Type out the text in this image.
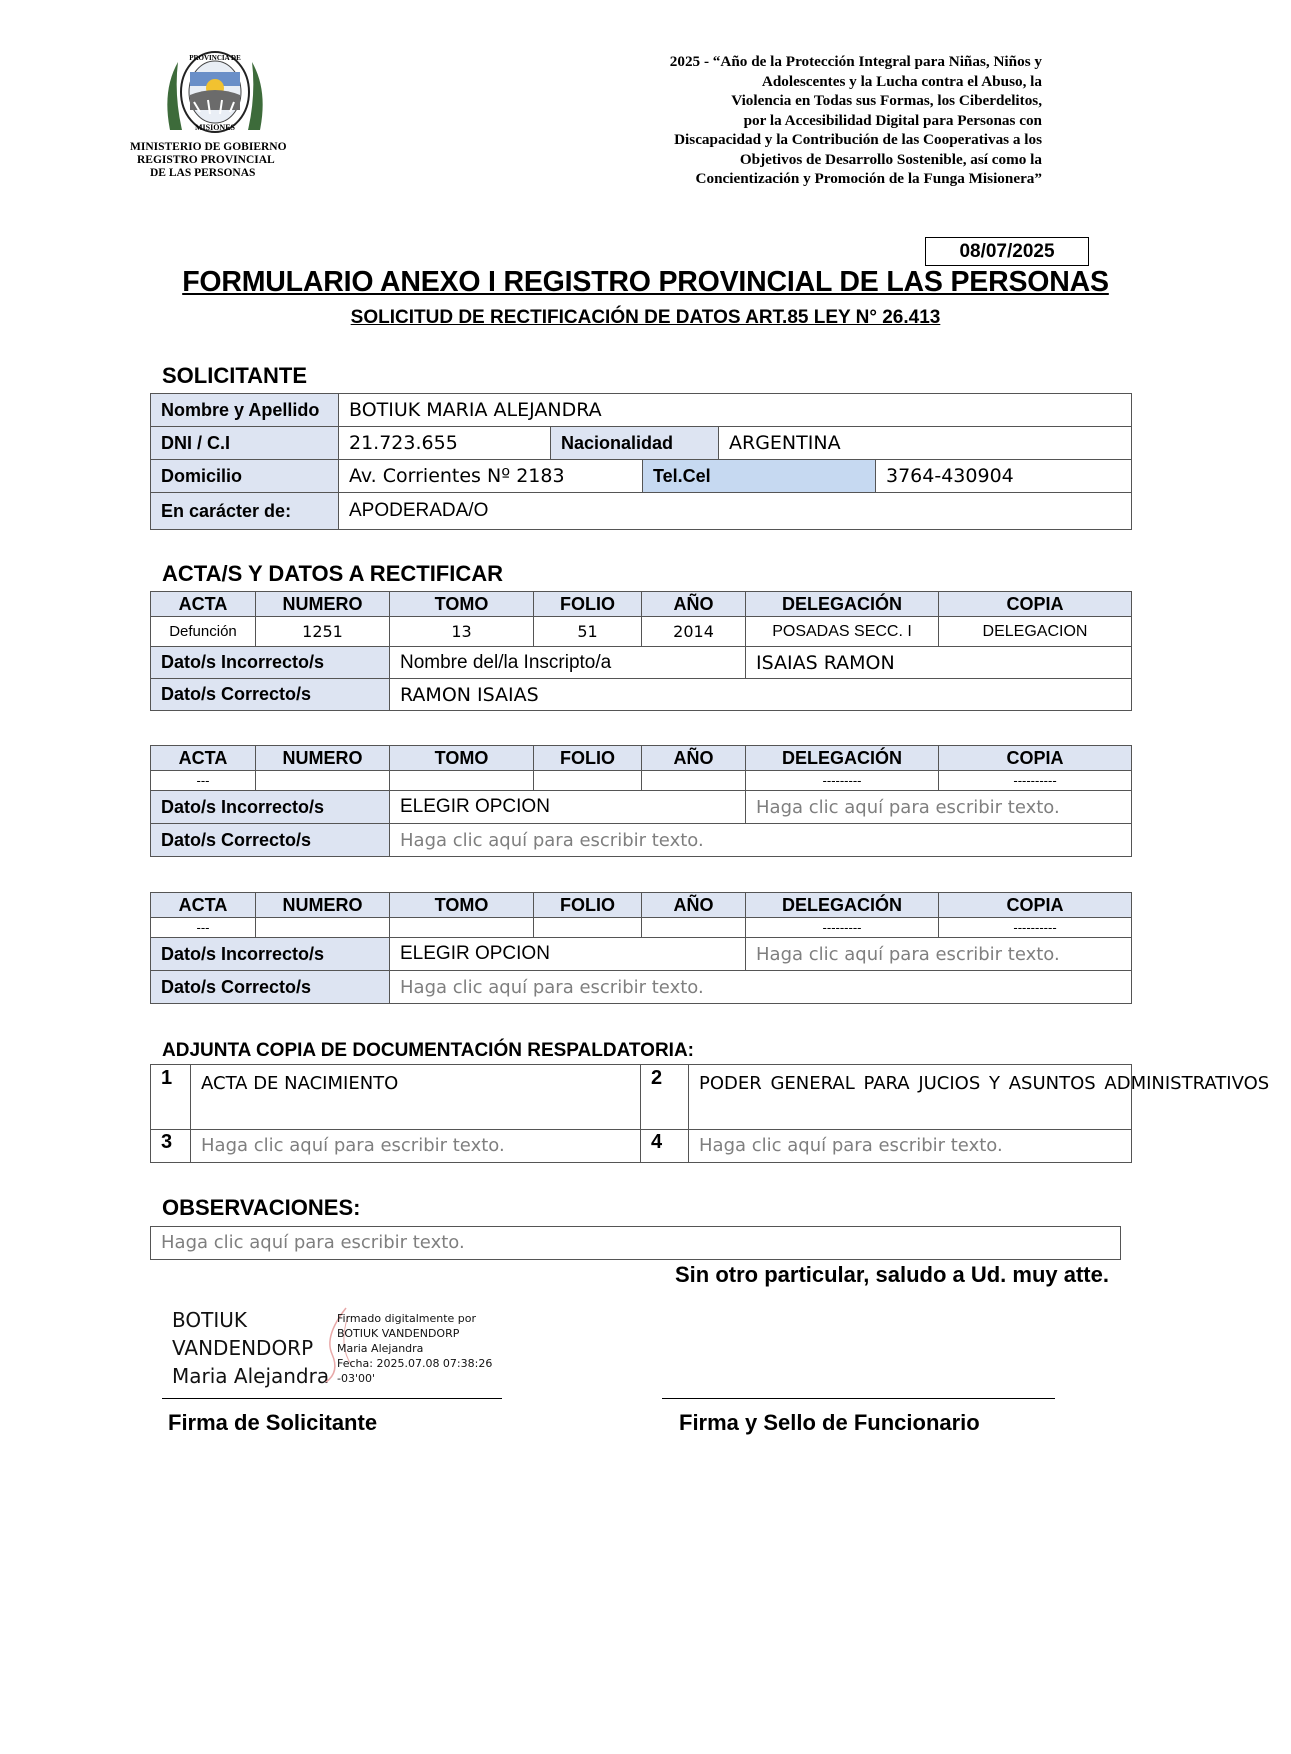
PROVINCIA DE
MISIONES
MINISTERIO DE GOBIERNO
REGISTRO PROVINCIAL
DE LAS PERSONAS
2025 - “Año de la Protección Integral para Niñas, Niños y
Adolescentes y la Lucha contra el Abuso, la
Violencia en Todas sus Formas, los Ciberdelitos,
por la Accesibilidad Digital para Personas con
Discapacidad y la Contribución de las Cooperativas a los
Objetivos de Desarrollo Sostenible, así como la
Concientización y Promoción de la Funga Misionera”
08/07/2025
FORMULARIO ANEXO I REGISTRO PROVINCIAL DE LAS PERSONAS
SOLICITUD DE RECTIFICACIÓN DE DATOS ART.85 LEY N° 26.413
SOLICITANTE
Nombre y Apellido	BOTIUK MARIA ALEJANDRA				
DNI / C.I	21.723.655	Nacionalidad		ARGENTINA	
Domicilio	Av. Corrientes Nº 2183		Tel.Cel		3764-430904
En carácter de:	APODERADA/O				
ACTA/S Y DATOS A RECTIFICAR
ACTA	NUMERO	TOMO	FOLIO	AÑO	DELEGACIÓN	COPIA
Defunción	1251	13	51	2014	POSADAS SECC. I	DELEGACION
Dato/s Incorrecto/s		Nombre del/la Inscripto/a			ISAIAS RAMON	
Dato/s Correcto/s		RAMON ISAIAS				
ACTA	NUMERO	TOMO	FOLIO	AÑO	DELEGACIÓN	COPIA
---					---------	----------
Dato/s Incorrecto/s		ELEGIR OPCION			Haga clic aquí para escribir texto.	
Dato/s Correcto/s		Haga clic aquí para escribir texto.				
ACTA	NUMERO	TOMO	FOLIO	AÑO	DELEGACIÓN	COPIA
---					---------	----------
Dato/s Incorrecto/s		ELEGIR OPCION			Haga clic aquí para escribir texto.	
Dato/s Correcto/s		Haga clic aquí para escribir texto.				
ADJUNTA COPIA DE DOCUMENTACIÓN RESPALDATORIA:
1	ACTA DE NACIMIENTO	2	PODER GENERAL PARA JUCIOS Y ASUNTOS ADMINISTRATIVOS
3	Haga clic aquí para escribir texto.	4	Haga clic aquí para escribir texto.
OBSERVACIONES:
Haga clic aquí para escribir texto.
Sin otro particular, saludo a Ud. muy atte.
BOTIUK
VANDENDORP
Maria Alejandra
Firmado digitalmente por
BOTIUK VANDENDORP
Maria Alejandra
Fecha: 2025.07.08 07:38:26
-03'00'
Firma de Solicitante	Firma y Sello de Funcionario
